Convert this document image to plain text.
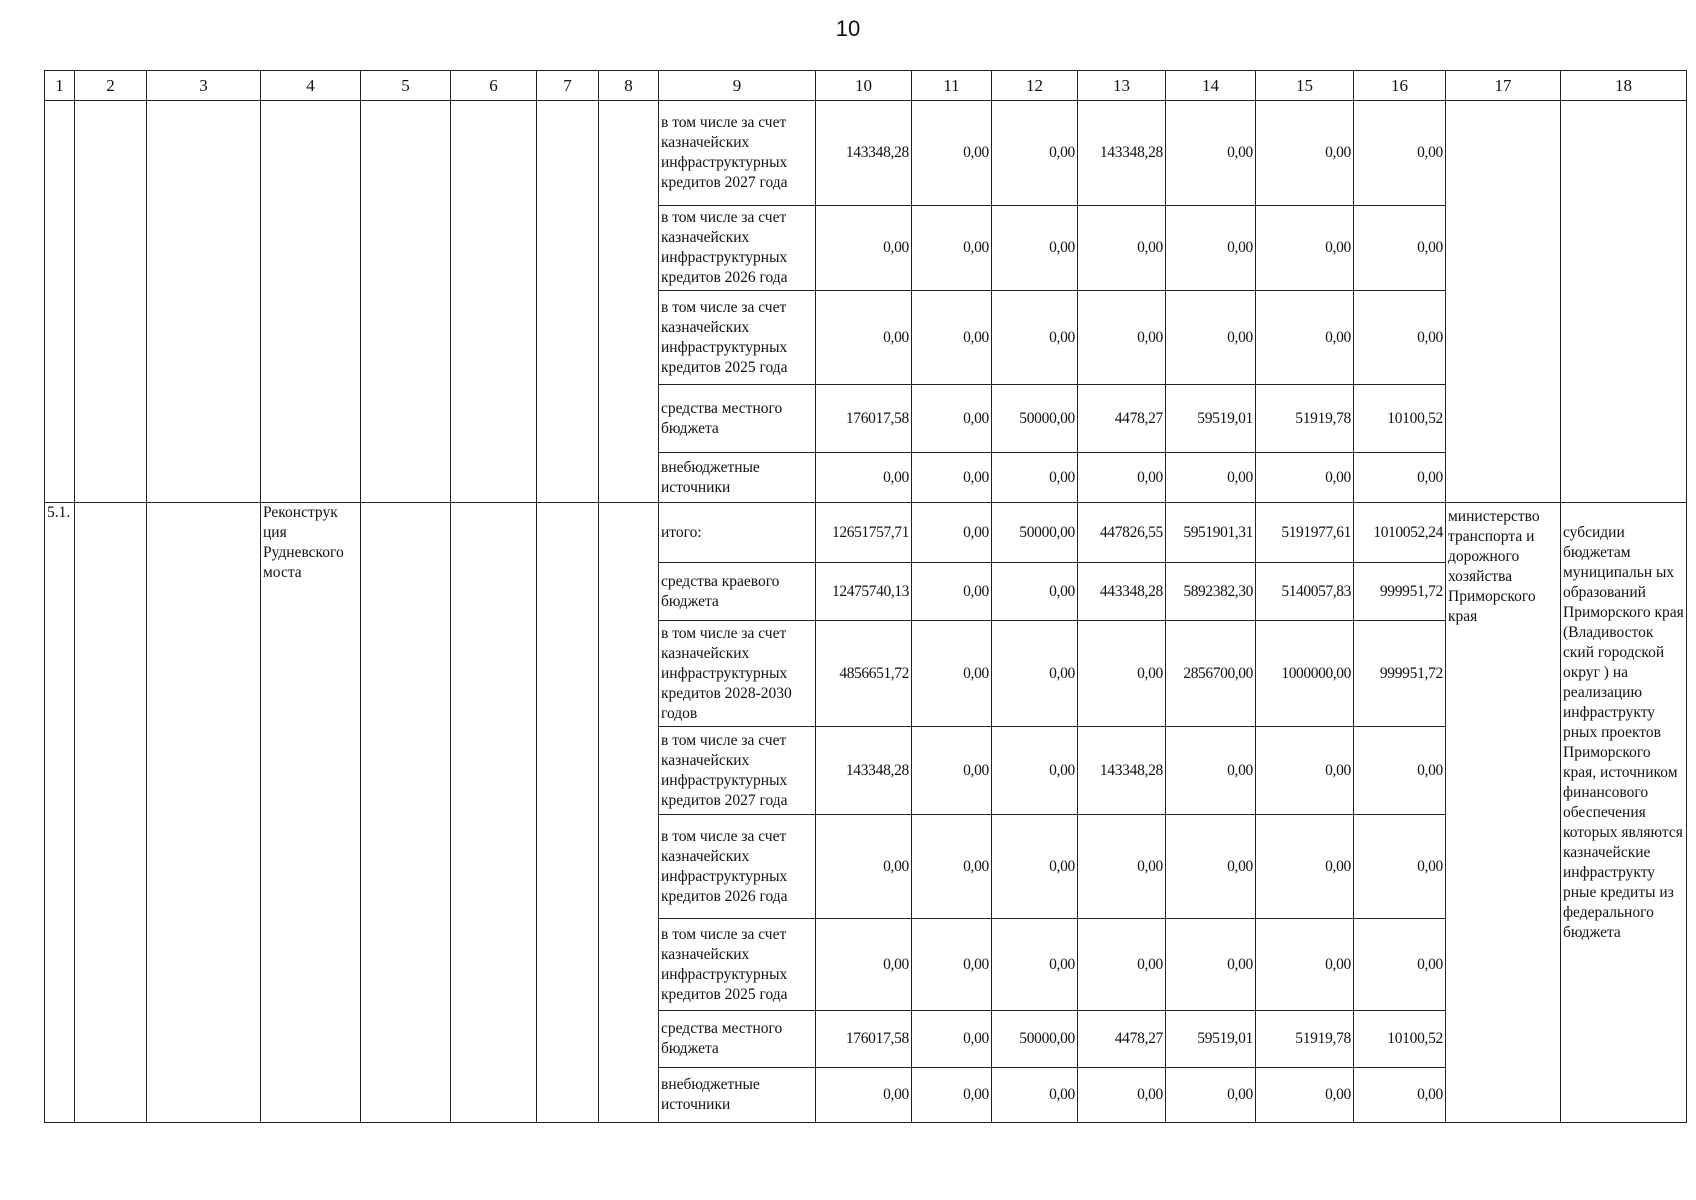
10
1	2	3	4	5	6	7	8	9	10	11	12	13	14	15	16	17	18
								в том числе за счет казначейских инфраструктурных кредитов 2027 года	143348,28	0,00	0,00	143348,28	0,00	0,00	0,00		
								в том числе за счет казначейских инфраструктурных кредитов 2026 года	0,00	0,00	0,00	0,00	0,00	0,00	0,00		
								в том числе за счет казначейских инфраструктурных кредитов 2025 года	0,00	0,00	0,00	0,00	0,00	0,00	0,00		
								средства местного бюджета	176017,58	0,00	50000,00	4478,27	59519,01	51919,78	10100,52		
								внебюджетные источники	0,00	0,00	0,00	0,00	0,00	0,00	0,00		
5.1.			Реконструк ция Рудневского моста					итого:	12651757,71	0,00	50000,00	447826,55	5951901,31	5191977,61	1010052,24	министерство транспорта и дорожного хозяйства Приморского края	субсидии бюджетам муниципальн ых образований Приморского края (Владивосток ский городской округ ) на реализацию инфраструкту рных проектов Приморского края, источником финансового обеспечения которых являются казначейские инфраструкту рные кредиты из федерального бюджета
								средства краевого бюджета	12475740,13	0,00	0,00	443348,28	5892382,30	5140057,83	999951,72		
								в том числе за счет казначейских инфраструктурных кредитов 2028-2030 годов	4856651,72	0,00	0,00	0,00	2856700,00	1000000,00	999951,72		
								в том числе за счет казначейских инфраструктурных кредитов 2027 года	143348,28	0,00	0,00	143348,28	0,00	0,00	0,00		
								в том числе за счет казначейских инфраструктурных кредитов 2026 года	0,00	0,00	0,00	0,00	0,00	0,00	0,00		
								в том числе за счет казначейских инфраструктурных кредитов 2025 года	0,00	0,00	0,00	0,00	0,00	0,00	0,00		
								средства местного бюджета	176017,58	0,00	50000,00	4478,27	59519,01	51919,78	10100,52		
								внебюджетные источники	0,00	0,00	0,00	0,00	0,00	0,00	0,00		
